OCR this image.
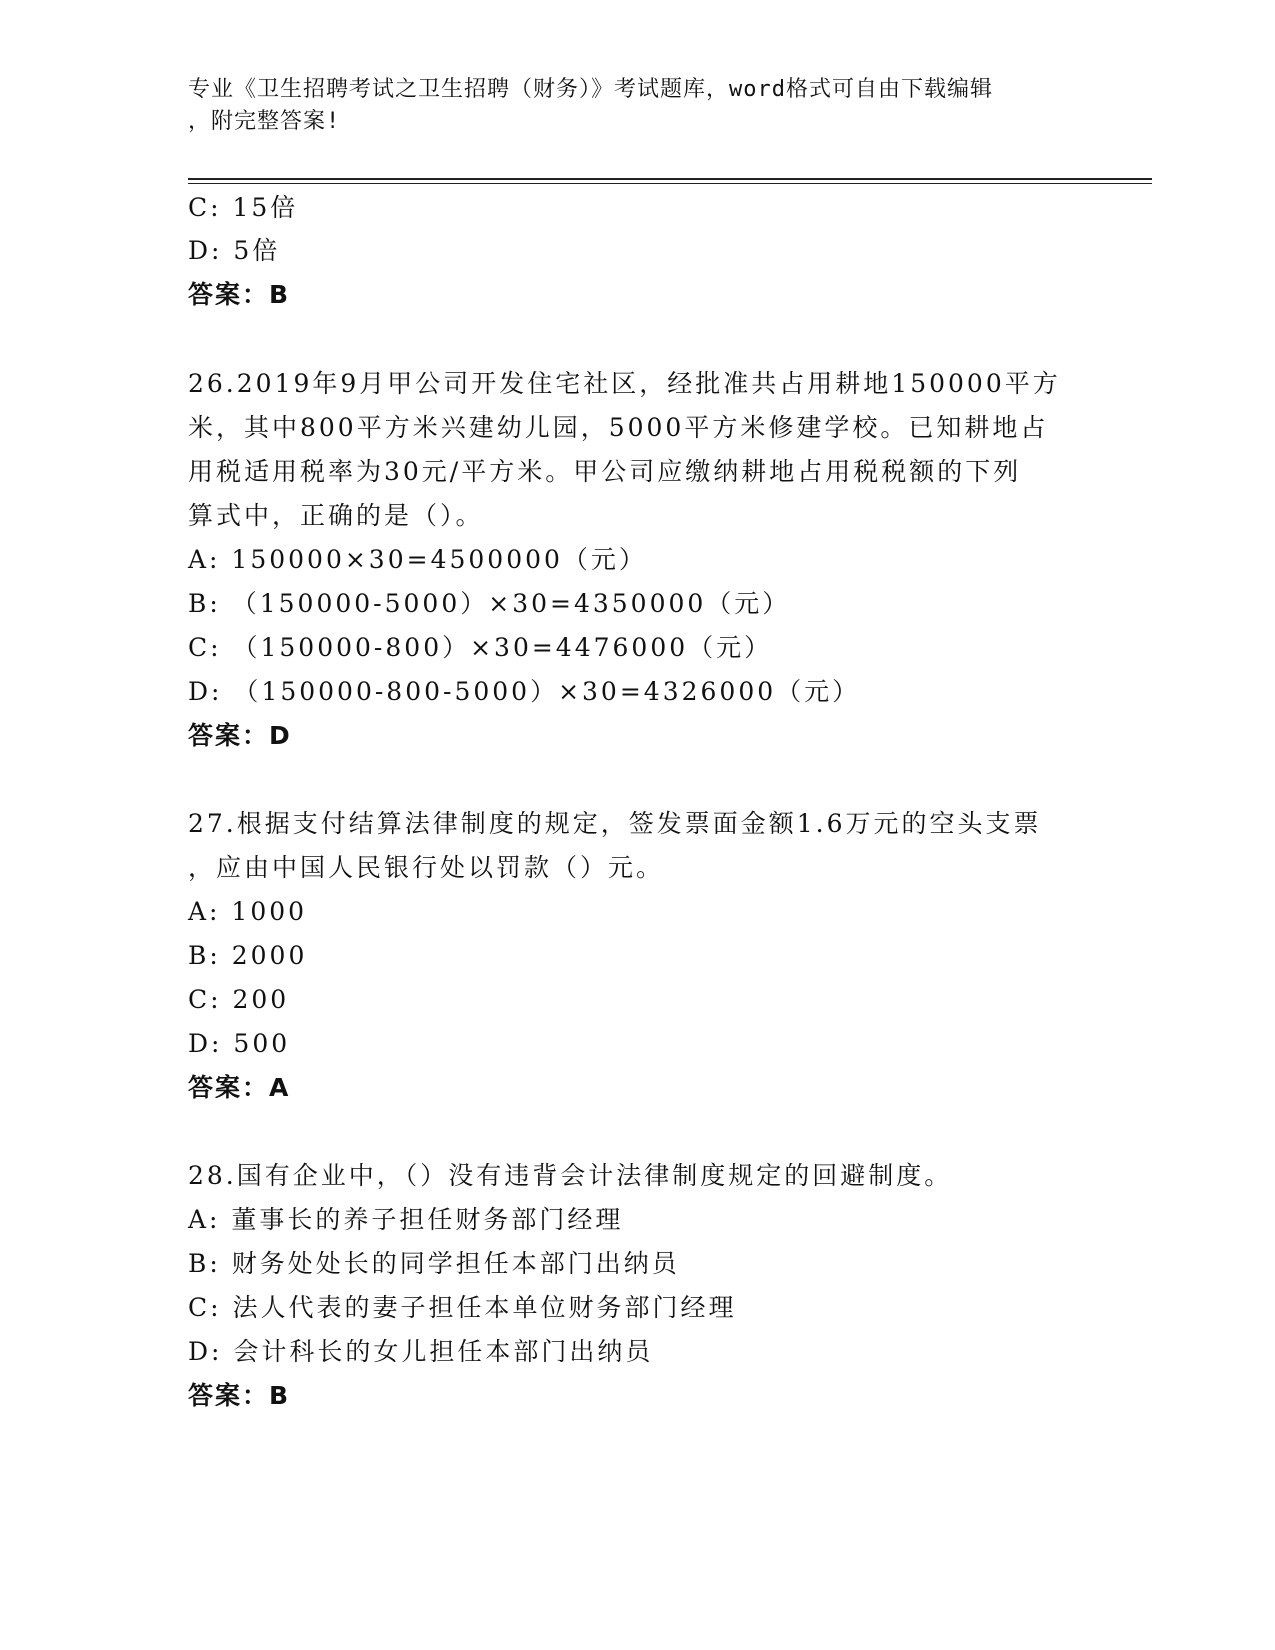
专业《卫生招聘考试之卫生招聘（财务）》考试题库，word格式可自由下载编辑
，附完整答案!
C: 15倍
D: 5倍
答案：B
26.2019年9月甲公司开发住宅社区，经批准共占用耕地150000平方
米，其中800平方米兴建幼儿园，5000平方米修建学校。已知耕地占
用税适用税率为30元/平方米。甲公司应缴纳耕地占用税税额的下列
算式中，正确的是（）。
A: 150000×30=4500000（元）
B: （150000-5000）×30=4350000（元）
C: （150000-800）×30=4476000（元）
D: （150000-800-5000）×30=4326000（元）
答案：D
27.根据支付结算法律制度的规定，签发票面金额1.6万元的空头支票
，应由中国人民银行处以罚款（）元。
A: 1000
B: 2000
C: 200
D: 500
答案：A
28.国有企业中，（）没有违背会计法律制度规定的回避制度。
A: 董事长的养子担任财务部门经理
B: 财务处处长的同学担任本部门出纳员
C: 法人代表的妻子担任本单位财务部门经理
D: 会计科长的女儿担任本部门出纳员
答案：B
